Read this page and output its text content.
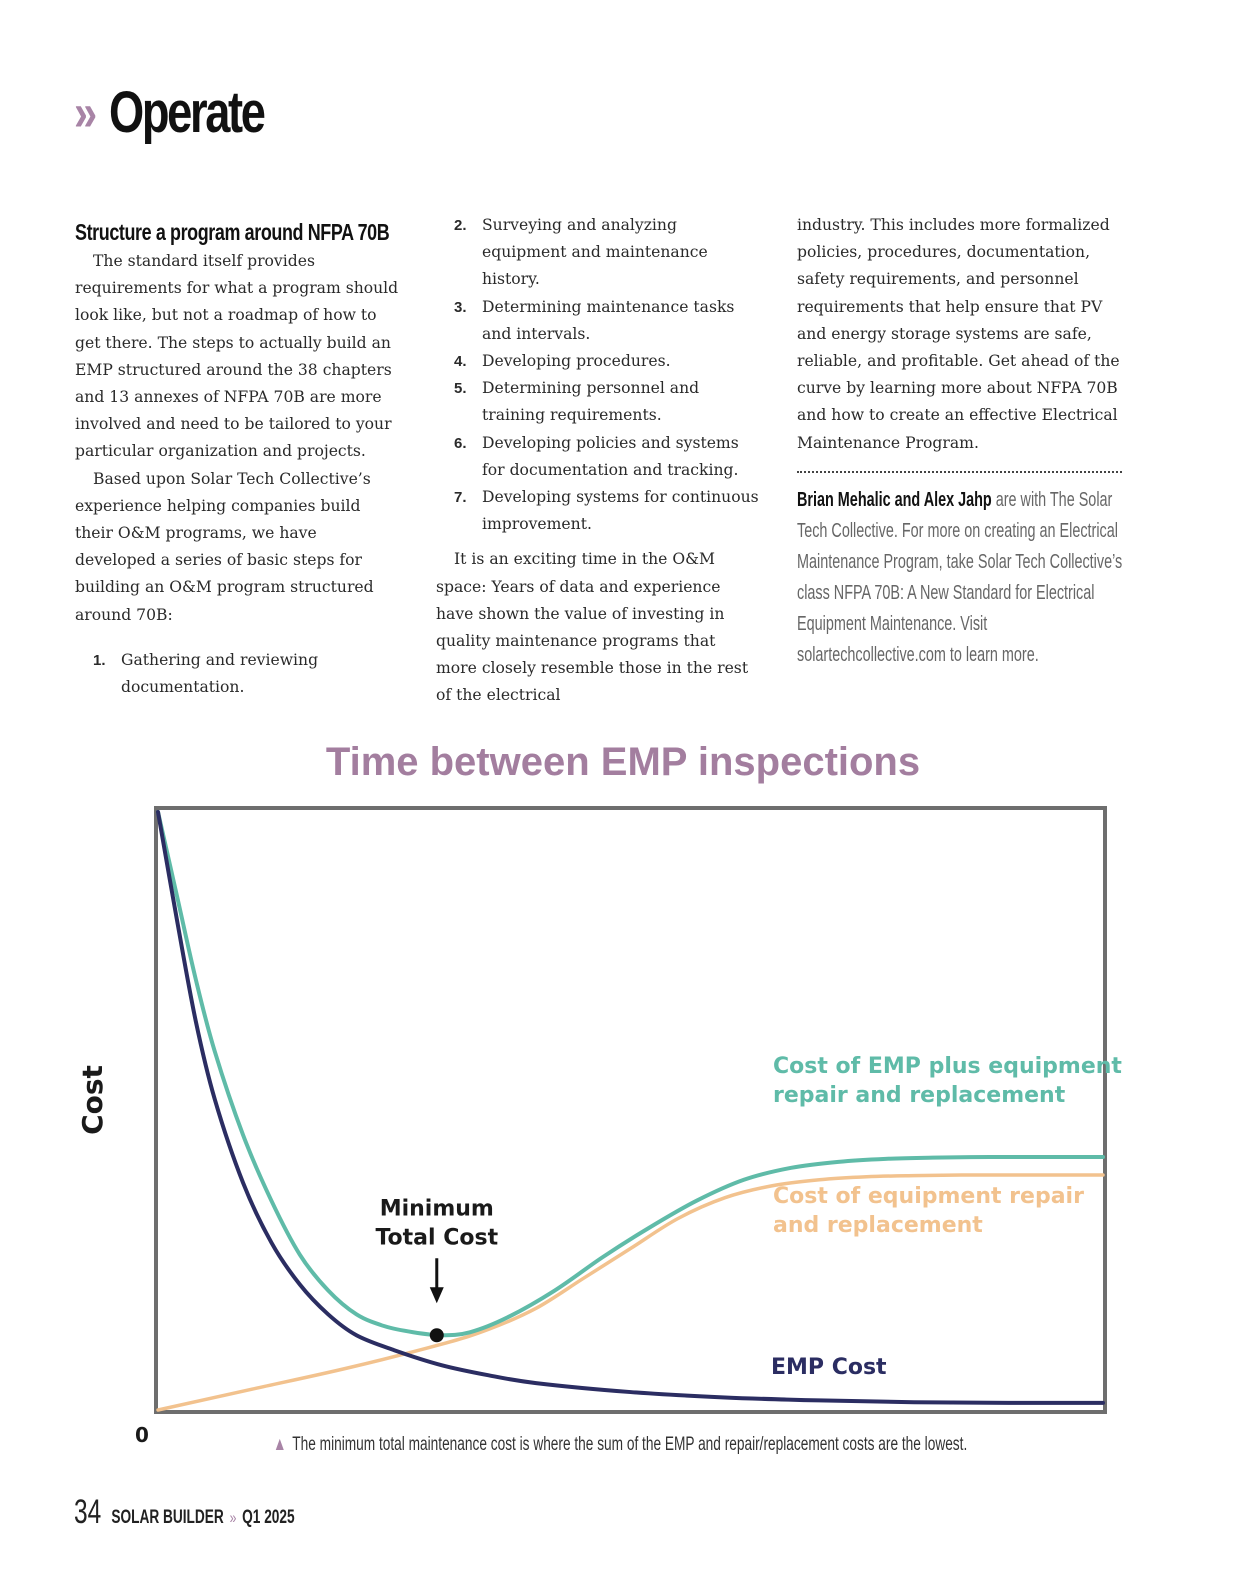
» Operate
Structure a program around NFPA 70B

The standard itself provides requirements for what a program should look like, but not a roadmap of how to get there. The steps to actually build an EMP structured around the 38 chapters and 13 annexes of NFPA 70B are more involved and need to be tailored to your particular organization and projects.

Based upon Solar Tech Collective’s experience helping companies build their O&M programs, we have developed a series of basic steps for building an O&M program structured around 70B:

1. Gathering and reviewing documentation.
2. Surveying and analyzing equipment and maintenance history.
3. Determining maintenance tasks and intervals.
4. Developing procedures.
5. Determining personnel and training requirements.
6. Developing policies and systems for documentation and tracking.
7. Developing systems for continuous improvement.

It is an exciting time in the O&M space: Years of data and experience have shown the value of investing in quality maintenance programs that more closely resemble those in the rest of the electrical

industry. This includes more formalized policies, procedures, documentation, safety requirements, and personnel requirements that help ensure that PV and energy storage systems are safe, reliable, and profitable. Get ahead of the curve by learning more about NFPA 70B and how to create an effective Electrical Maintenance Program.

Brian Mehalic and Alex Jahp are with The Solar Tech Collective. For more on creating an Electrical Maintenance Program, take Solar Tech Collective’s class NFPA 70B: A New Standard for Electrical Equipment Maintenance. Visit solartechcollective.com to learn more.

Time between EMP inspections
Minimum
Total Cost
Cost of EMP plus equipment
repair and replacement
Cost of equipment repair
and replacement
EMP Cost
Cost
0	▲ The minimum total maintenance cost is where the sum of the EMP and repair/replacement costs are the lowest.
34 SOLAR BUILDER » Q1 2025
